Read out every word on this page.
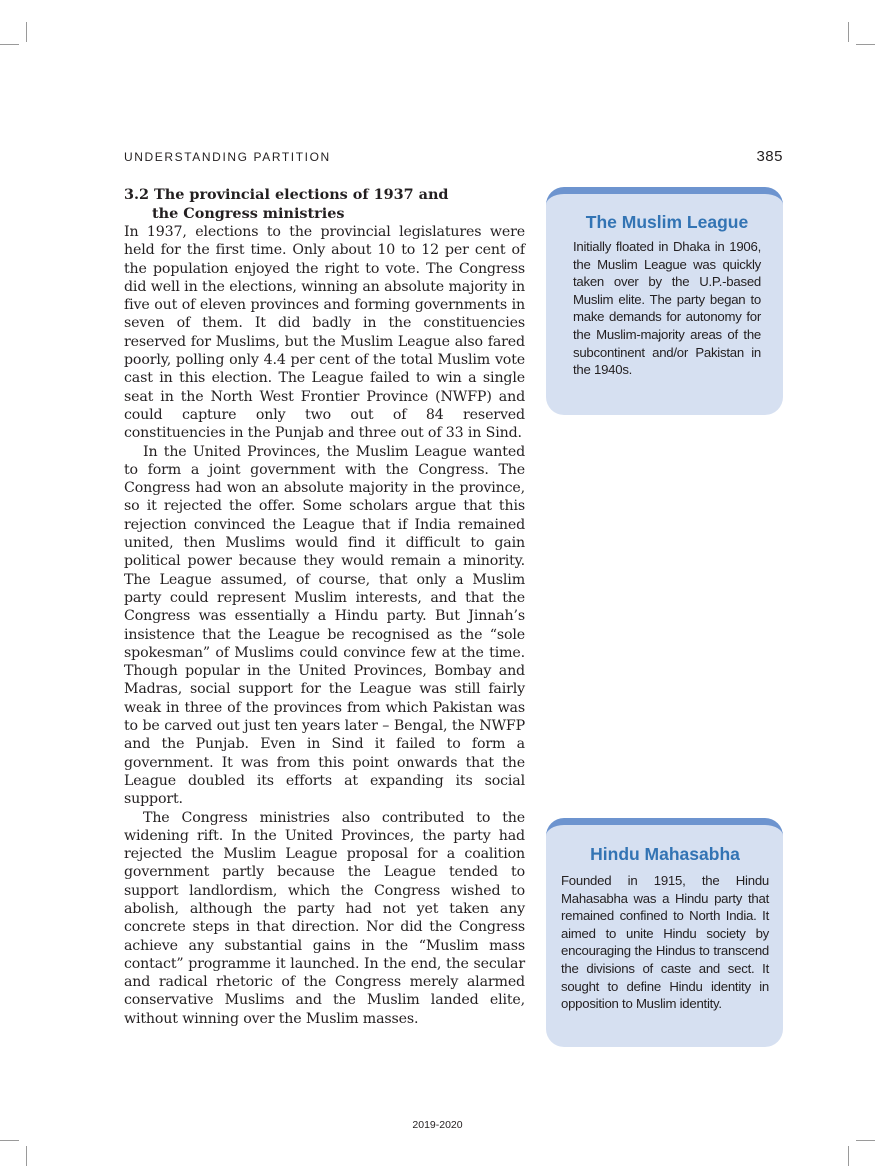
UNDERSTANDING PARTITION	385
3.2 The provincial elections of 1937 and
the Congress ministries

In 1937, elections to the provincial legislatures were held for the first time. Only about 10 to 12 per cent of the population enjoyed the right to vote. The Congress did well in the elections, winning an absolute majority in five out of eleven provinces and forming governments in seven of them. It did badly in the constituencies reserved for Muslims, but the Muslim League also fared poorly, polling only 4.4 per cent of the total Muslim vote cast in this election. The League failed to win a single seat in the North West Frontier Province (NWFP) and could capture only two out of 84 reserved constituencies in the Punjab and three out of 33 in Sind.

In the United Provinces, the Muslim League wanted to form a joint government with the Congress. The Congress had won an absolute majority in the province, so it rejected the offer. Some scholars argue that this rejection convinced the League that if India remained united, then Muslims would find it difficult to gain political power because they would remain a minority. The League assumed, of course, that only a Muslim party could represent Muslim interests, and that the Congress was essentially a Hindu party. But Jinnah’s insistence that the League be recognised as the “sole spokesman” of Muslims could convince few at the time. Though popular in the United Provinces, Bombay and Madras, social support for the League was still fairly weak in three of the provinces from which Pakistan was to be carved out just ten years later – Bengal, the NWFP and the Punjab. Even in Sind it failed to form a government. It was from this point onwards that the League doubled its efforts at expanding its social support.

The Congress ministries also contributed to the widening rift. In the United Provinces, the party had rejected the Muslim League proposal for a coalition government partly because the League tended to support landlordism, which the Congress wished to abolish, although the party had not yet taken any concrete steps in that direction. Nor did the Congress achieve any substantial gains in the “Muslim mass contact” programme it launched. In the end, the secular and radical rhetoric of the Congress merely alarmed conservative Muslims and the Muslim landed elite, without winning over the Muslim masses.

The Muslim League

Initially floated in Dhaka in 1906, the Muslim League was quickly taken over by the U.P.-based Muslim elite. The party began to make demands for autonomy for the Muslim-majority areas of the subcontinent and/or Pakistan in the 1940s.

Hindu Mahasabha

Founded in 1915, the Hindu Mahasabha was a Hindu party that remained confined to North India. It aimed to unite Hindu society by encouraging the Hindus to transcend the divisions of caste and sect. It sought to define Hindu identity in opposition to Muslim identity.

2019-2020
